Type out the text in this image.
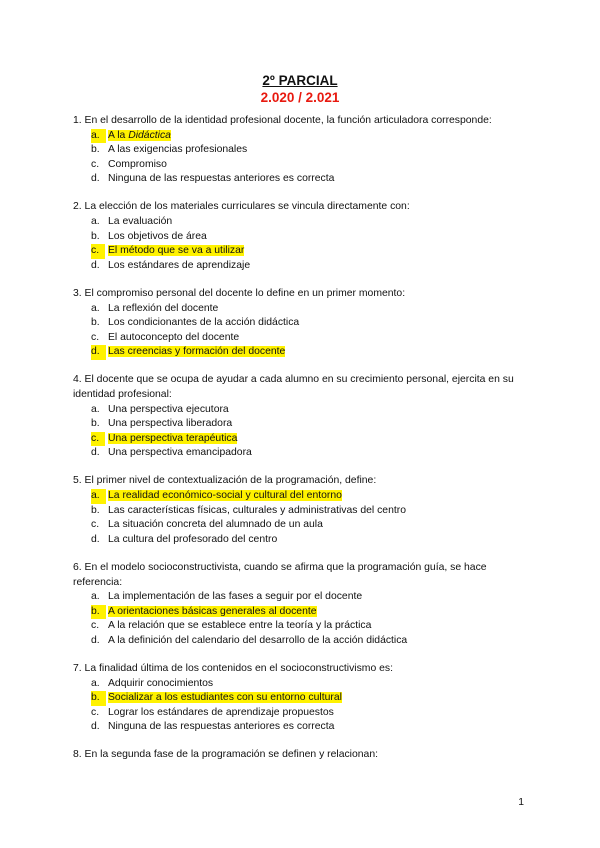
2º PARCIAL
2.020 / 2.021
1. En el desarrollo de la identidad profesional docente, la función articuladora corresponde:
a. A la Didáctica
b. A las exigencias profesionales
c. Compromiso
d. Ninguna de las respuestas anteriores es correcta
2. La elección de los materiales curriculares se vincula directamente con:
a. La evaluación
b. Los objetivos de área
c. El método que se va a utilizar
d. Los estándares de aprendizaje
3. El compromiso personal del docente lo define en un primer momento:
a. La reflexión del docente
b. Los condicionantes de la acción didáctica
c. El autoconcepto del docente
d. Las creencias y formación del docente
4. El docente que se ocupa de ayudar a cada alumno en su crecimiento personal, ejercita en su identidad profesional:
a. Una perspectiva ejecutora
b. Una perspectiva liberadora
c. Una perspectiva terapéutica
d. Una perspectiva emancipadora
5. El primer nivel de contextualización de la programación, define:
a. La realidad económico-social y cultural del entorno
b. Las características físicas, culturales y administrativas del centro
c. La situación concreta del alumnado de un aula
d. La cultura del profesorado del centro
6. En el modelo socioconstructivista, cuando se afirma que la programación guía, se hace referencia:
a. La implementación de las fases a seguir por el docente
b. A orientaciones básicas generales al docente
c. A la relación que se establece entre la teoría y la práctica
d. A la definición del calendario del desarrollo de la acción didáctica
7. La finalidad última de los contenidos en el socioconstructivismo es:
a. Adquirir conocimientos
b. Socializar a los estudiantes con su entorno cultural
c. Lograr los estándares de aprendizaje propuestos
d. Ninguna de las respuestas anteriores es correcta
8. En la segunda fase de la programación se definen y relacionan:
1
